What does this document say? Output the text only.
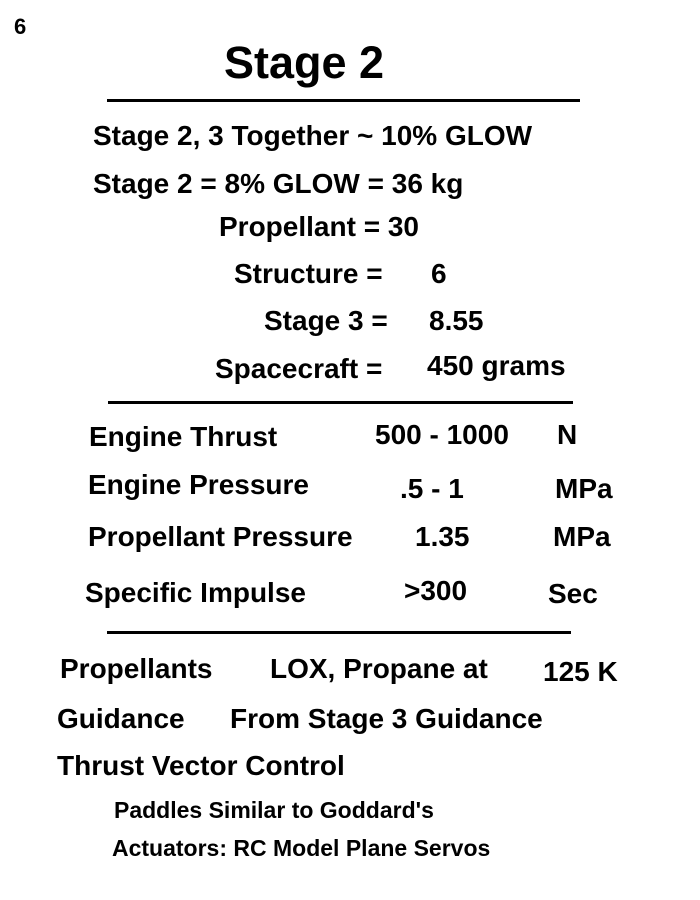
6
Stage 2
Stage 2, 3 Together ~ 10% GLOW
Stage 2 = 8% GLOW = 36 kg
Propellant = 30
Structure = 6
Stage 3 = 8.55
Spacecraft = 450 grams
Engine Thrust	500 - 1000 N
Engine Pressure	.5 - 1	MPa
Propellant Pressure 1.35	MPa
Specific Impulse	>300	Sec
Propellants LOX, Propane at 125 K
Guidance From Stage 3 Guidance
Thrust Vector Control
Paddles Similar to Goddard's
Actuators: RC Model Plane Servos
